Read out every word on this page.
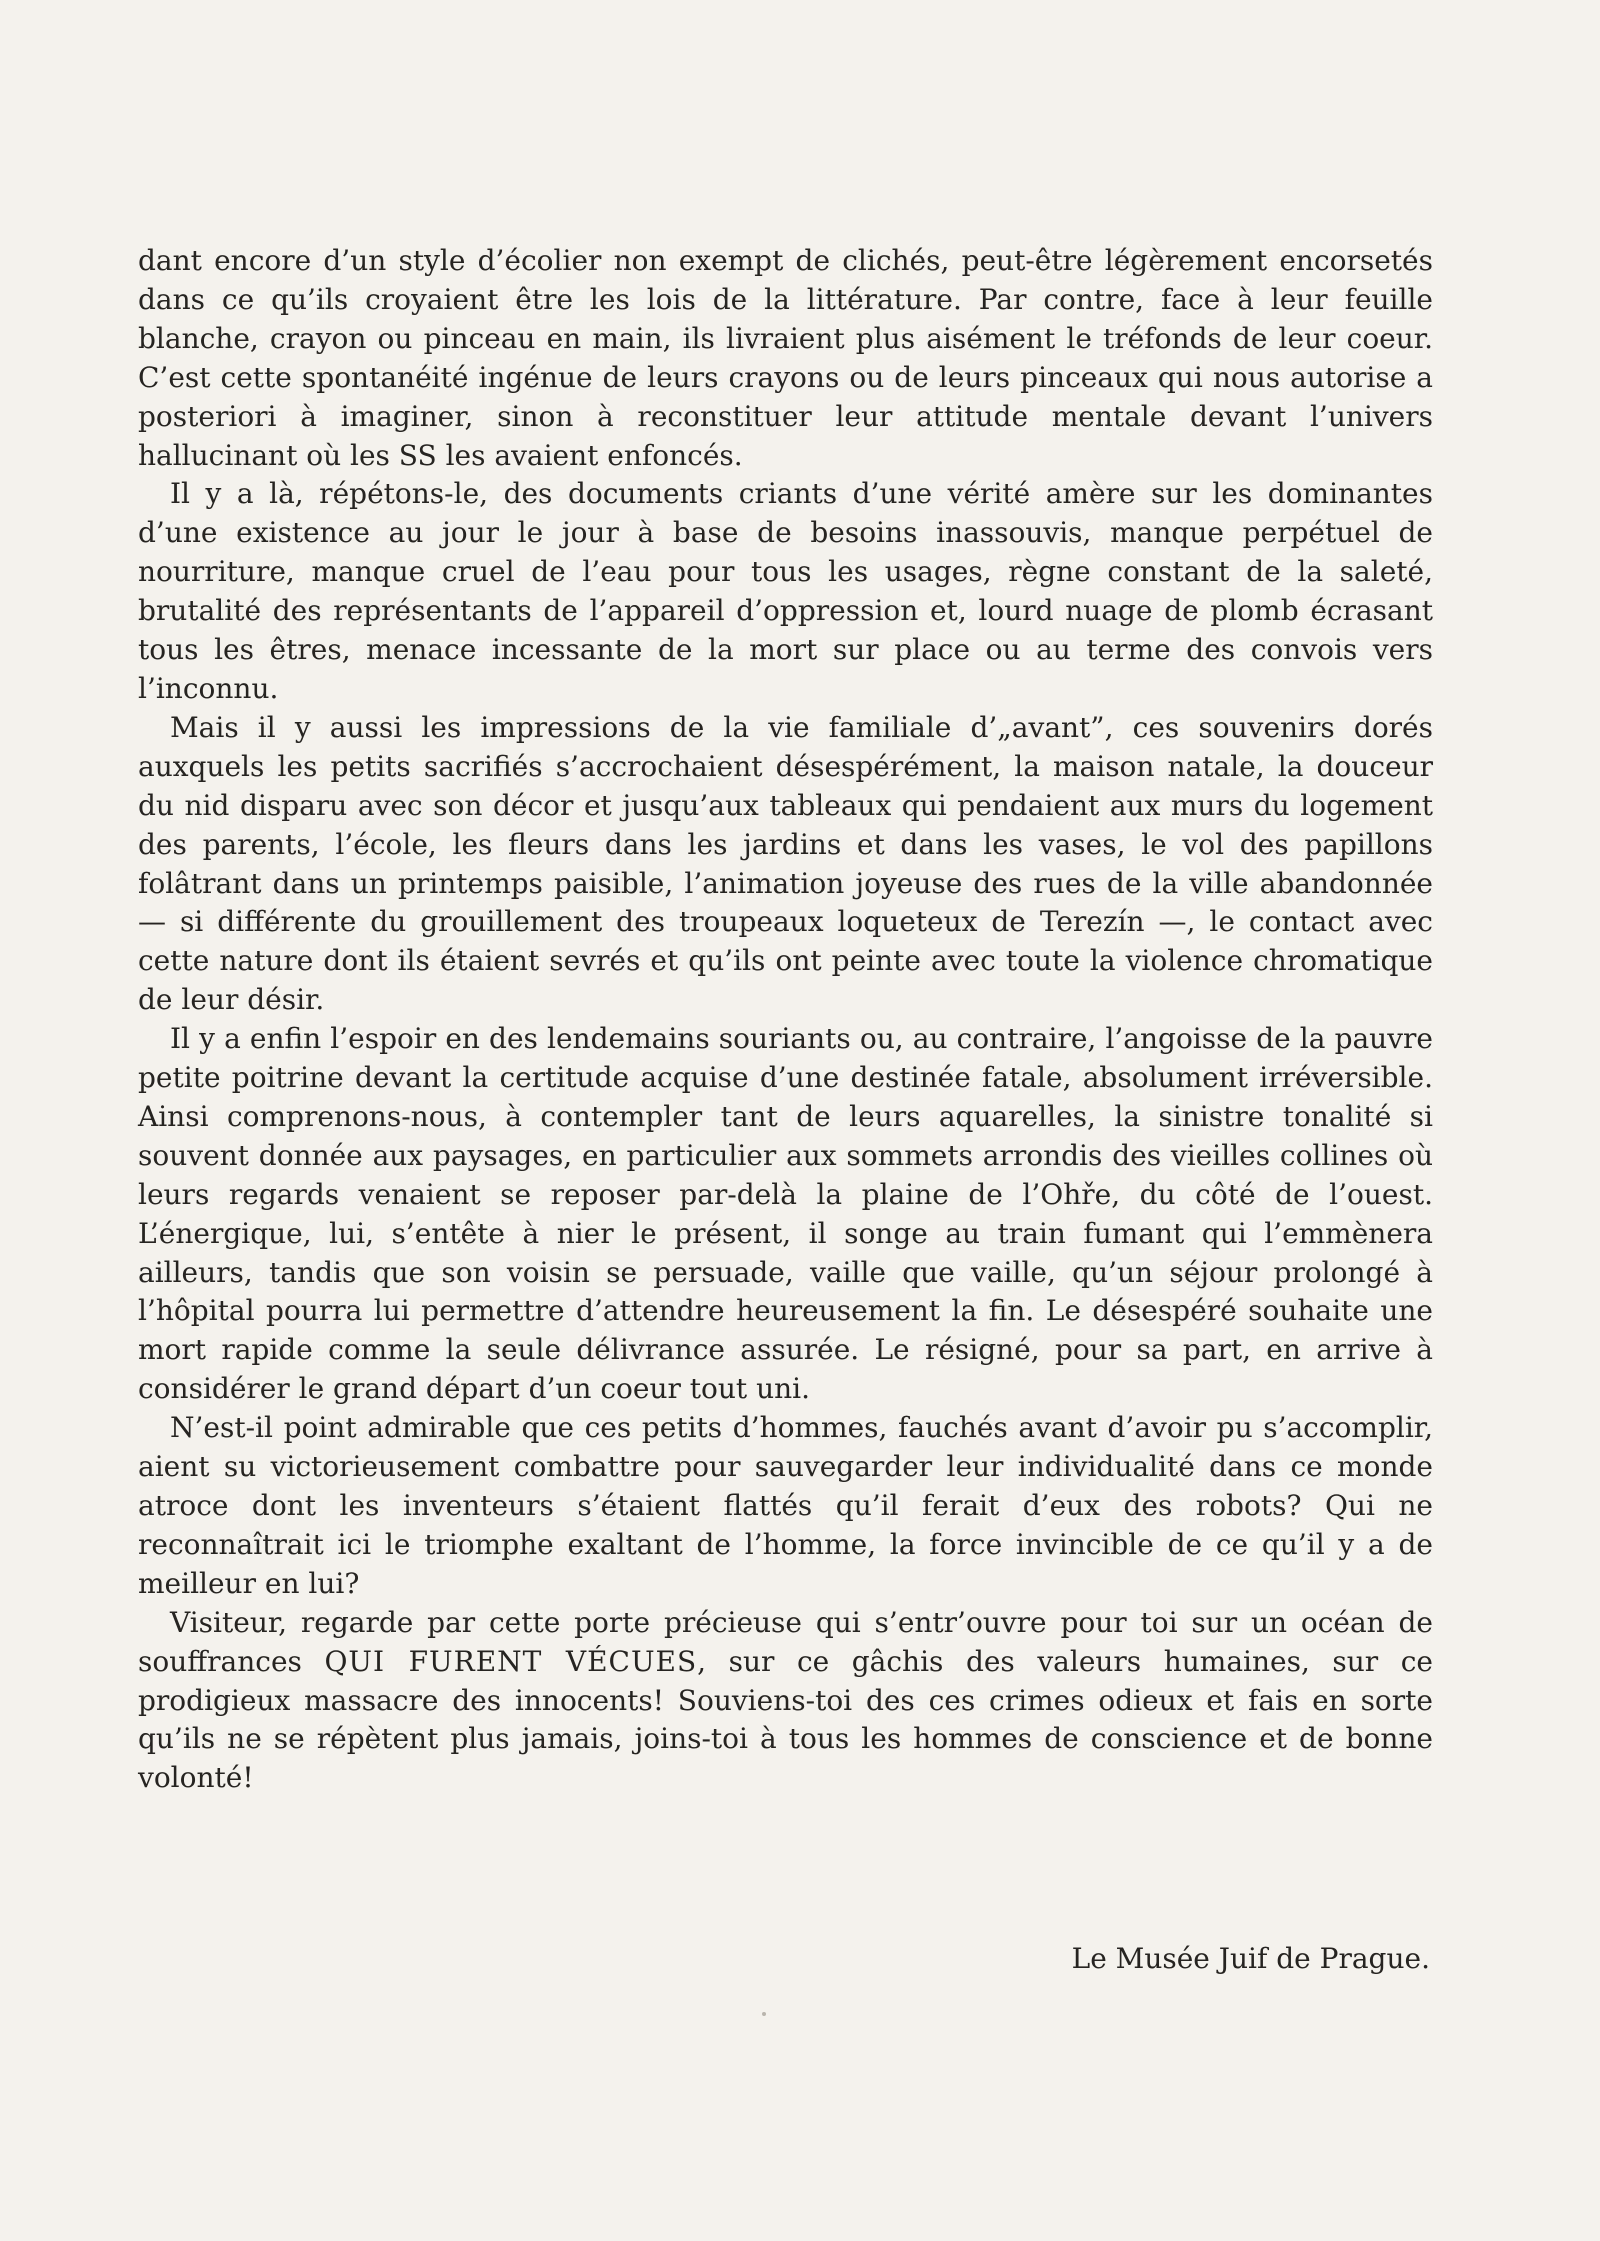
dant encore d’un style d’écolier non exempt de clichés, peut-être légèrement encorsetés dans ce qu’ils croyaient être les lois de la littérature. Par contre, face à leur feuille blanche, crayon ou pinceau en main, ils livraient plus aisément le tréfonds de leur coeur. C’est cette spontanéité ingénue de leurs crayons ou de leurs pinceaux qui nous autorise a posteriori à imaginer, sinon à reconstituer leur attitude mentale devant l’univers hallucinant où les SS les avaient enfoncés.

Il y a là, répétons-le, des documents criants d’une vérité amère sur les dominantes d’une existence au jour le jour à base de besoins inassouvis, manque perpétuel de nourriture, manque cruel de l’eau pour tous les usages, règne constant de la saleté, brutalité des représentants de l’appareil d’oppression et, lourd nuage de plomb écrasant tous les êtres, menace incessante de la mort sur place ou au terme des convois vers l’inconnu.

Mais il y aussi les impressions de la vie familiale d’„avant”, ces souvenirs dorés auxquels les petits sacrifiés s’accrochaient désespérément, la maison natale, la douceur du nid disparu avec son décor et jusqu’aux tableaux qui pendaient aux murs du logement des parents, l’école, les fleurs dans les jardins et dans les vases, le vol des papillons folâtrant dans un printemps paisible, l’animation joyeuse des rues de la ville abandonnée — si différente du grouillement des troupeaux loqueteux de Terezín —, le contact avec cette nature dont ils étaient sevrés et qu’ils ont peinte avec toute la violence chromatique de leur désir.

Il y a enfin l’espoir en des lendemains souriants ou, au contraire, l’angoisse de la pauvre petite poitrine devant la certitude acquise d’une destinée fatale, absolument irréversible. Ainsi comprenons-nous, à contempler tant de leurs aquarelles, la sinistre tonalité si souvent donnée aux paysages, en particulier aux sommets arrondis des vieilles collines où leurs regards venaient se reposer par-delà la plaine de l’Ohře, du côté de l’ouest. L’énergique, lui, s’entête à nier le présent, il songe au train fumant qui l’emmènera ailleurs, tandis que son voisin se persuade, vaille que vaille, qu’un séjour prolongé à l’hôpital pourra lui permettre d’attendre heureusement la fin. Le désespéré souhaite une mort rapide comme la seule délivrance assurée. Le résigné, pour sa part, en arrive à considérer le grand départ d’un coeur tout uni.

N’est-il point admirable que ces petits d’hommes, fauchés avant d’avoir pu s’accomplir, aient su victorieusement combattre pour sauvegarder leur individualité dans ce monde atroce dont les inventeurs s’étaient flattés qu’il ferait d’eux des robots? Qui ne reconnaîtrait ici le triomphe exaltant de l’homme, la force invincible de ce qu’il y a de meilleur en lui?

Visiteur, regarde par cette porte précieuse qui s’entr’ouvre pour toi sur un océan de souffrances QUI FURENT VÉCUES, sur ce gâchis des valeurs humaines, sur ce prodigieux massacre des innocents! Souviens-toi des ces crimes odieux et fais en sorte qu’ils ne se répètent plus jamais, joins-toi à tous les hommes de conscience et de bonne volonté!

Le Musée Juif de Prague.
